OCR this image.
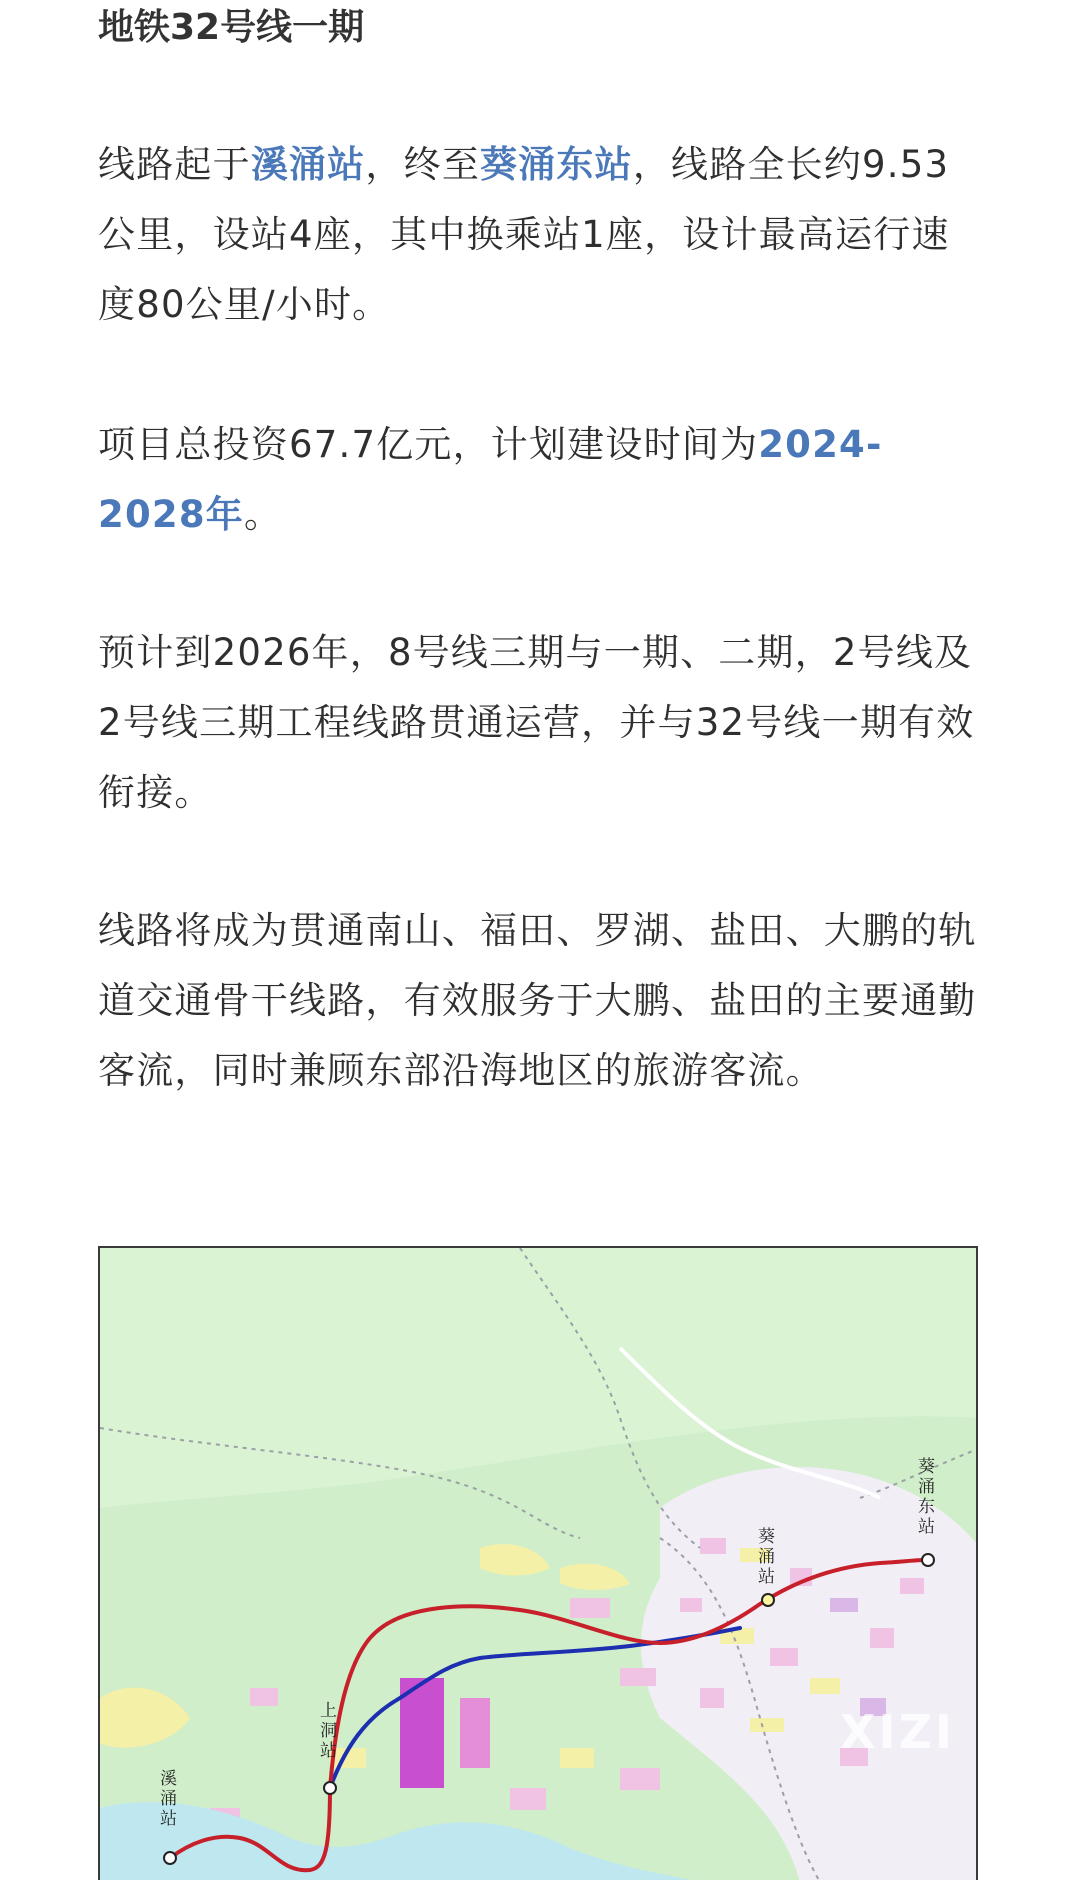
地铁32号线一期

线路起于溪涌站，终至葵涌东站，线路全长约9.53公里，设站4座，其中换乘站1座，设计最高运行速度80公里/小时。

项目总投资67.7亿元，计划建设时间为2024-2028年。

预计到2026年，8号线三期与一期、二期，2号线及2号线三期工程线路贯通运营，并与32号线一期有效衔接。

线路将成为贯通南山、福田、罗湖、盐田、大鹏的轨道交通骨干线路，有效服务于大鹏、盐田的主要通勤客流，同时兼顾东部沿海地区的旅游客流。

溪
涌
站
上
洞
站
葵
涌
站
葵
涌
东
站
XIZI
